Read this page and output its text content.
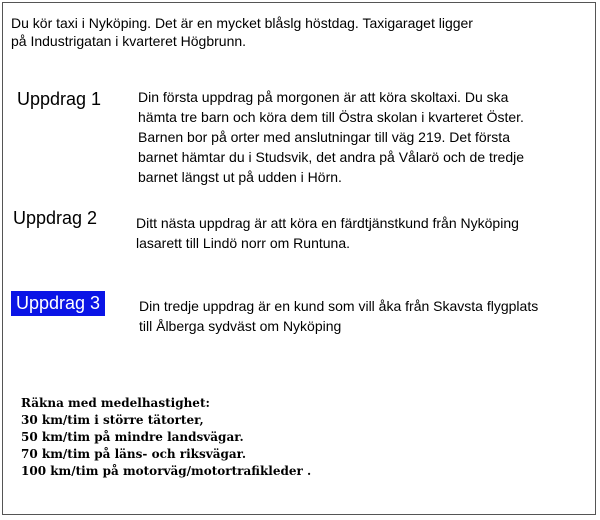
Du kör taxi i Nyköping. Det är en mycket blåslg höstdag. Taxigaraget ligger
på Industrigatan i kvarteret Högbrunn.
Uppdrag 1	Din första uppdrag på morgonen är att köra skoltaxi. Du ska
hämta tre barn och köra dem till Östra skolan i kvarteret Öster.
Barnen bor på orter med anslutningar till väg 219. Det första
barnet hämtar du i Studsvik, det andra på Vålarö och de tredje
barnet längst ut på udden i Hörn.
Uppdrag 2	Ditt nästa uppdrag är att köra en färdtjänstkund från Nyköping
lasarett till Lindö norr om Runtuna.
Uppdrag 3	Din tredje uppdrag är en kund som vill åka från Skavsta flygplats
till Ålberga sydväst om Nyköping
Räkna med medelhastighet:
30 km/tim i större tätorter,
50 km/tim på mindre landsvägar.
70 km/tim på läns- och riksvägar.
100 km/tim på motorväg/motortrafikleder .
